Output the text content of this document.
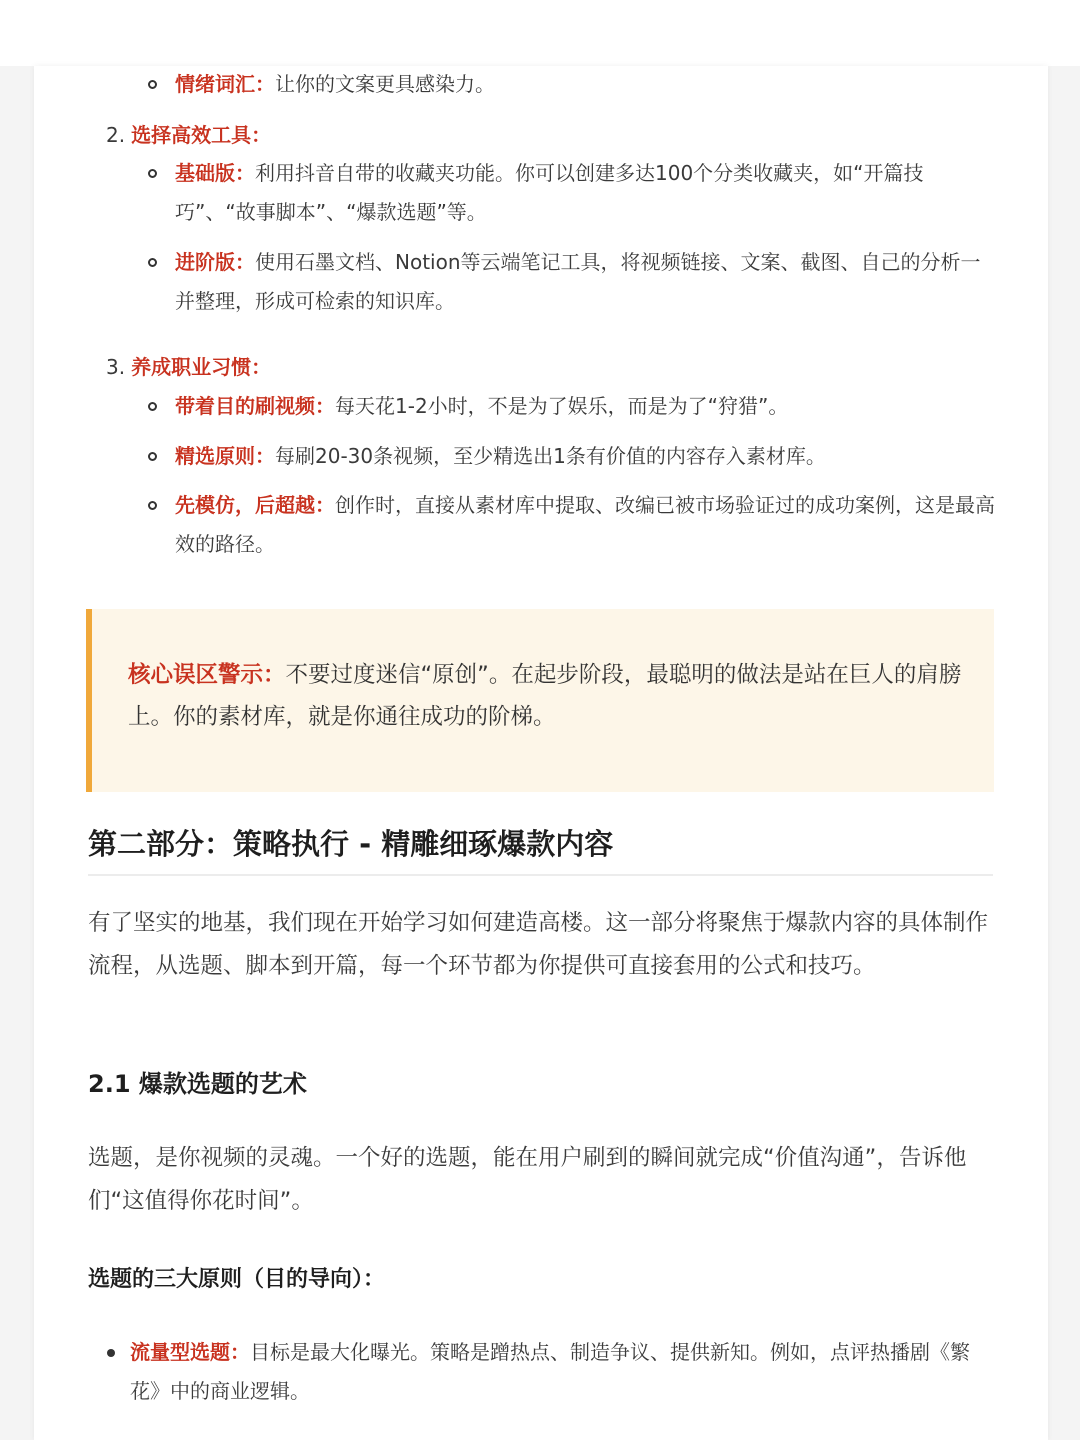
情绪词汇：让你的文案更具感染力。
2. 选择高效工具：
基础版：利用抖音自带的收藏夹功能。你可以创建多达100个分类收藏夹，如“开篇技巧”、“故事脚本”、“爆款选题”等。
进阶版：使用石墨文档、Notion等云端笔记工具，将视频链接、文案、截图、自己的分析一并整理，形成可检索的知识库。
3. 养成职业习惯：
带着目的刷视频：每天花1-2小时，不是为了娱乐，而是为了“狩猎”。
精选原则：每刷20-30条视频，至少精选出1条有价值的内容存入素材库。
先模仿，后超越：创作时，直接从素材库中提取、改编已被市场验证过的成功案例，这是最高效的路径。
核心误区警示：不要过度迷信“原创”。在起步阶段，最聪明的做法是站在巨人的肩膀上。你的素材库，就是你通往成功的阶梯。
第二部分：策略执行 - 精雕细琢爆款内容
有了坚实的地基，我们现在开始学习如何建造高楼。这一部分将聚焦于爆款内容的具体制作流程，从选题、脚本到开篇，每一个环节都为你提供可直接套用的公式和技巧。
2.1 爆款选题的艺术
选题，是你视频的灵魂。一个好的选题，能在用户刷到的瞬间就完成“价值沟通”，告诉他们“这值得你花时间”。
选题的三大原则（目的导向）：
流量型选题：目标是最大化曝光。策略是蹭热点、制造争议、提供新知。例如，点评热播剧《繁花》中的商业逻辑。
